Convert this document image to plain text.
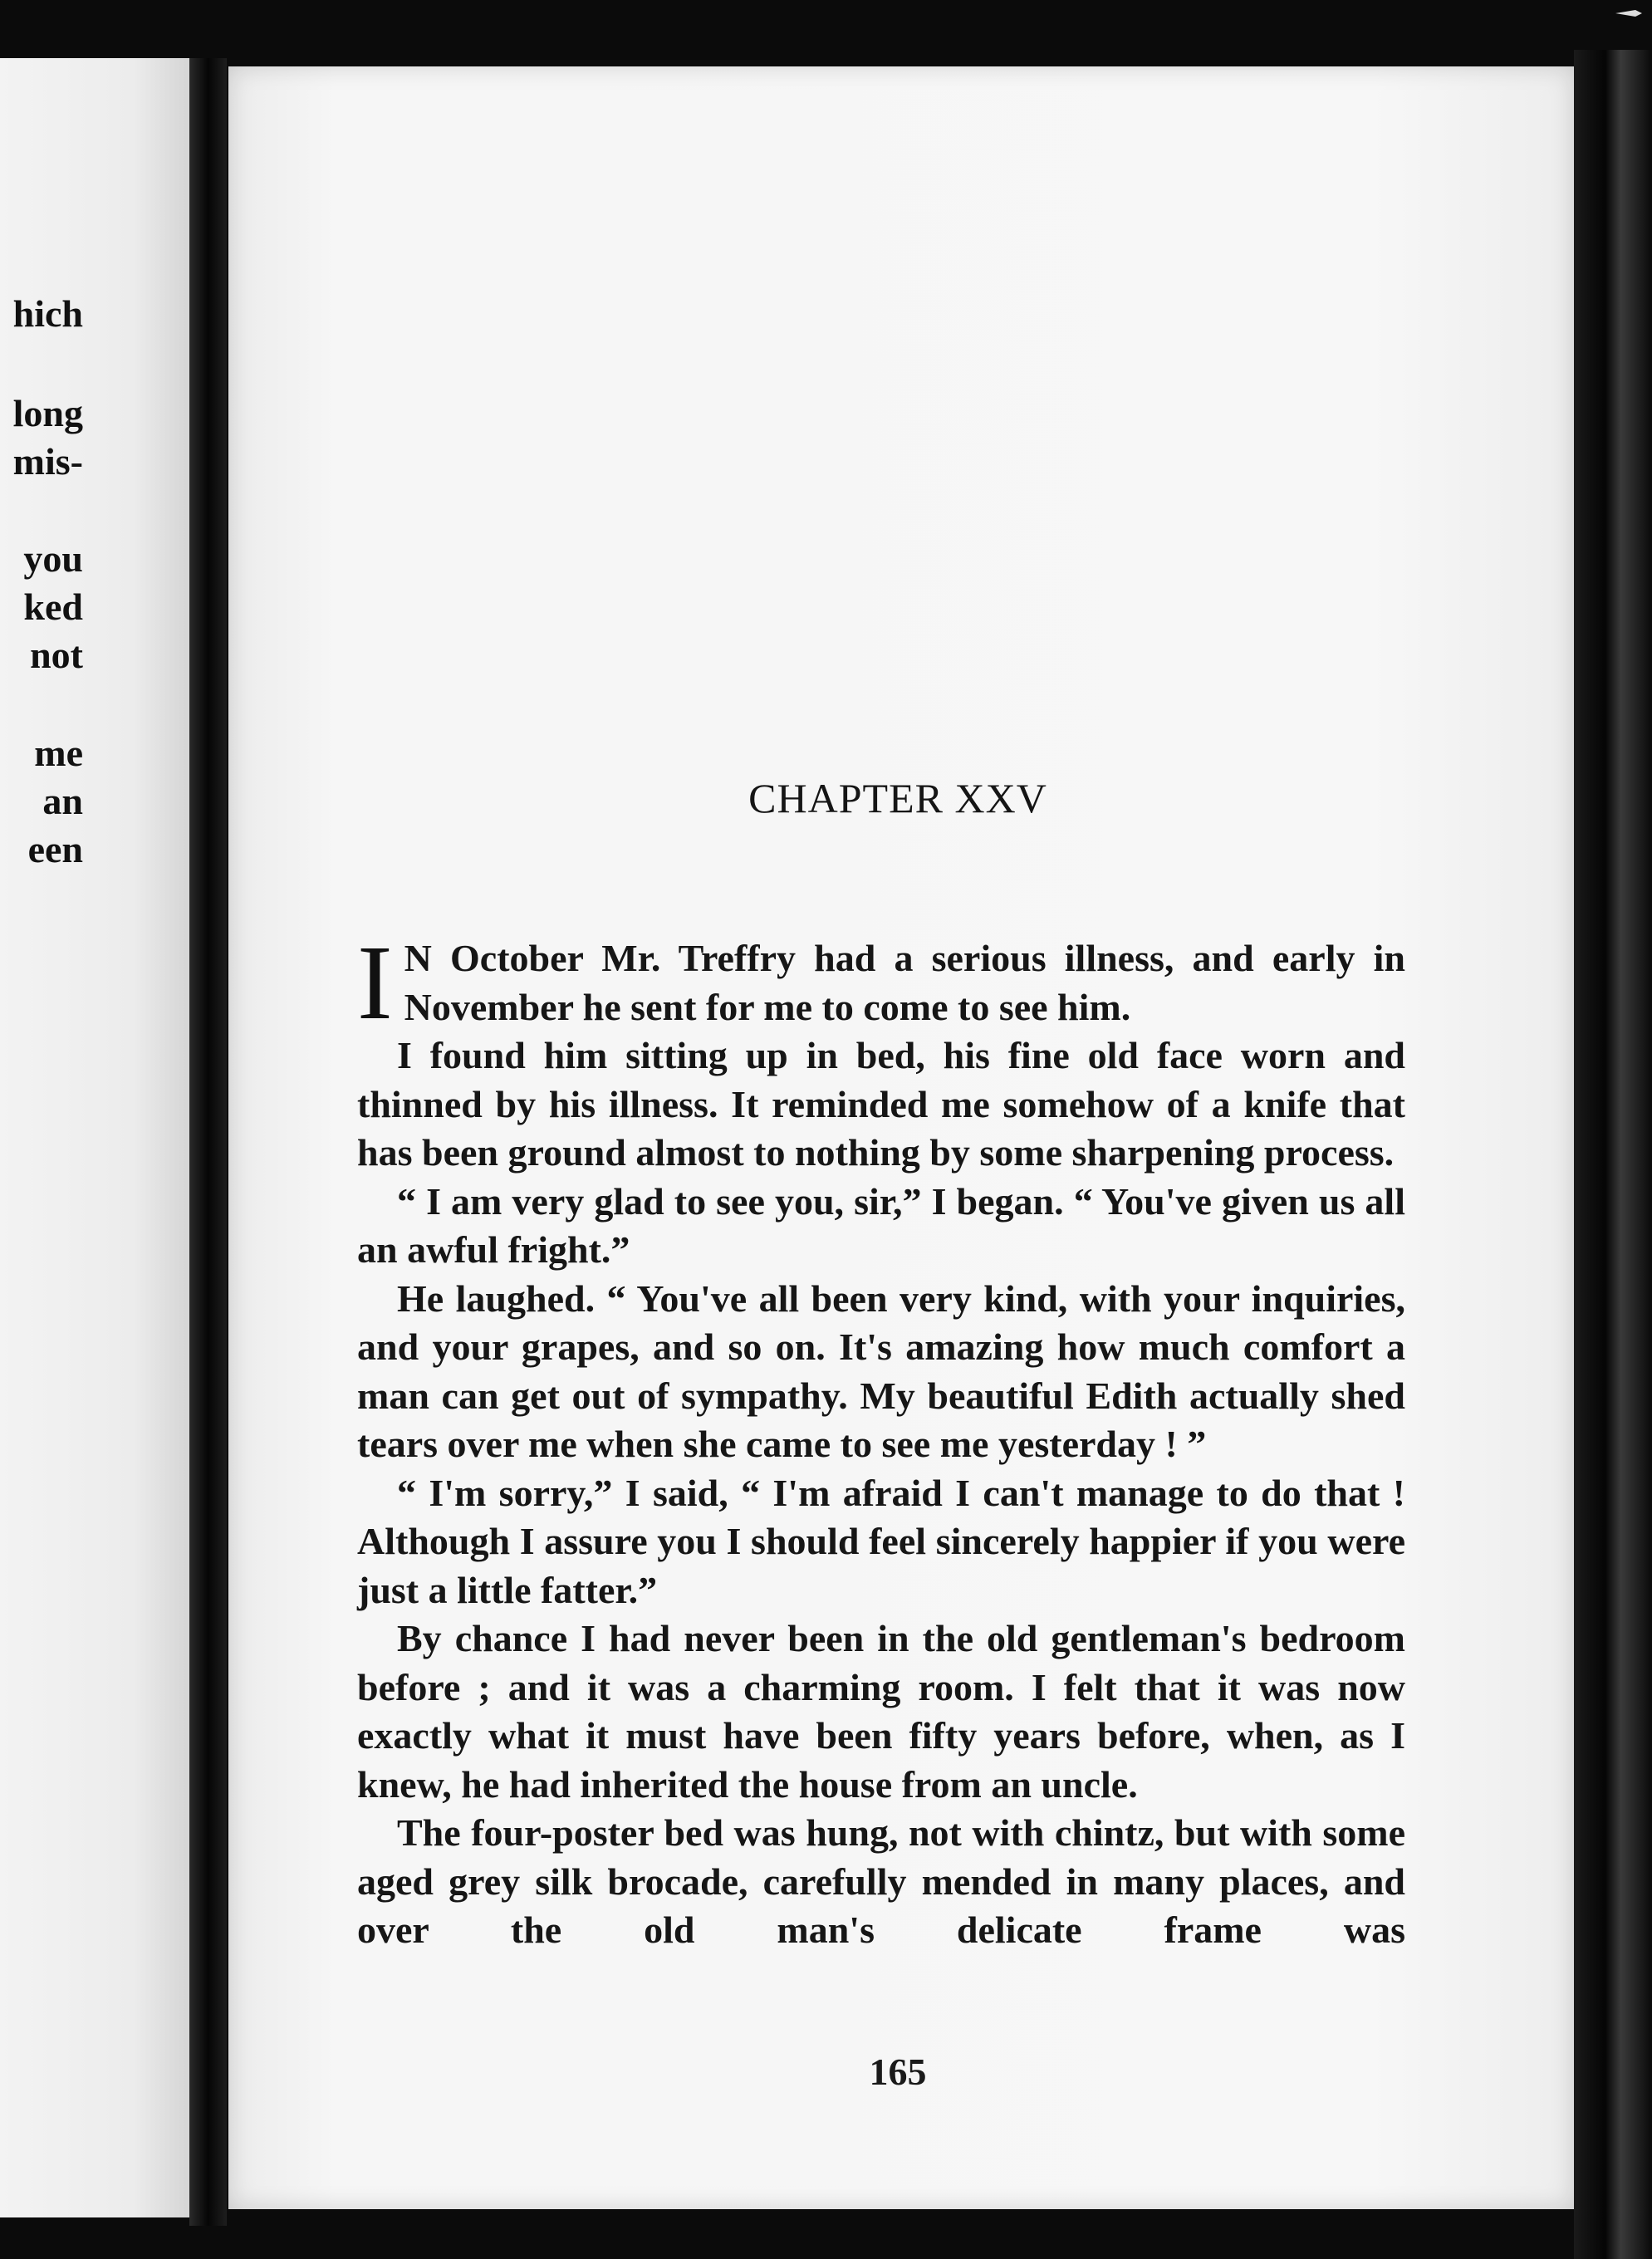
hich
long
mis-
you
ked
not
me
an
een
CHAPTER XXV

I N October Mr. Treffry had a serious illness, and early in November he sent for me to come to see him.

I found him sitting up in bed, his fine old face worn and thinned by his illness. It reminded me somehow of a knife that has been ground almost to nothing by some sharpening process.

“ I am very glad to see you, sir,” I began. “ You've given us all an awful fright.”

He laughed. “ You've all been very kind, with your inquiries, and your grapes, and so on. It's amazing how much comfort a man can get out of sympathy. My beautiful Edith actually shed tears over me when she came to see me yesterday ! ”

“ I'm sorry,” I said, “ I'm afraid I can't manage to do that ! Although I assure you I should feel sincerely happier if you were just a little fatter.”

By chance I had never been in the old gentleman's bedroom before ; and it was a charming room. I felt that it was now exactly what it must have been fifty years before, when, as I knew, he had inherited the house from an uncle.

The four-poster bed was hung, not with chintz, but with some aged grey silk brocade, carefully mended in many places, and over the old man's delicate frame was

165
